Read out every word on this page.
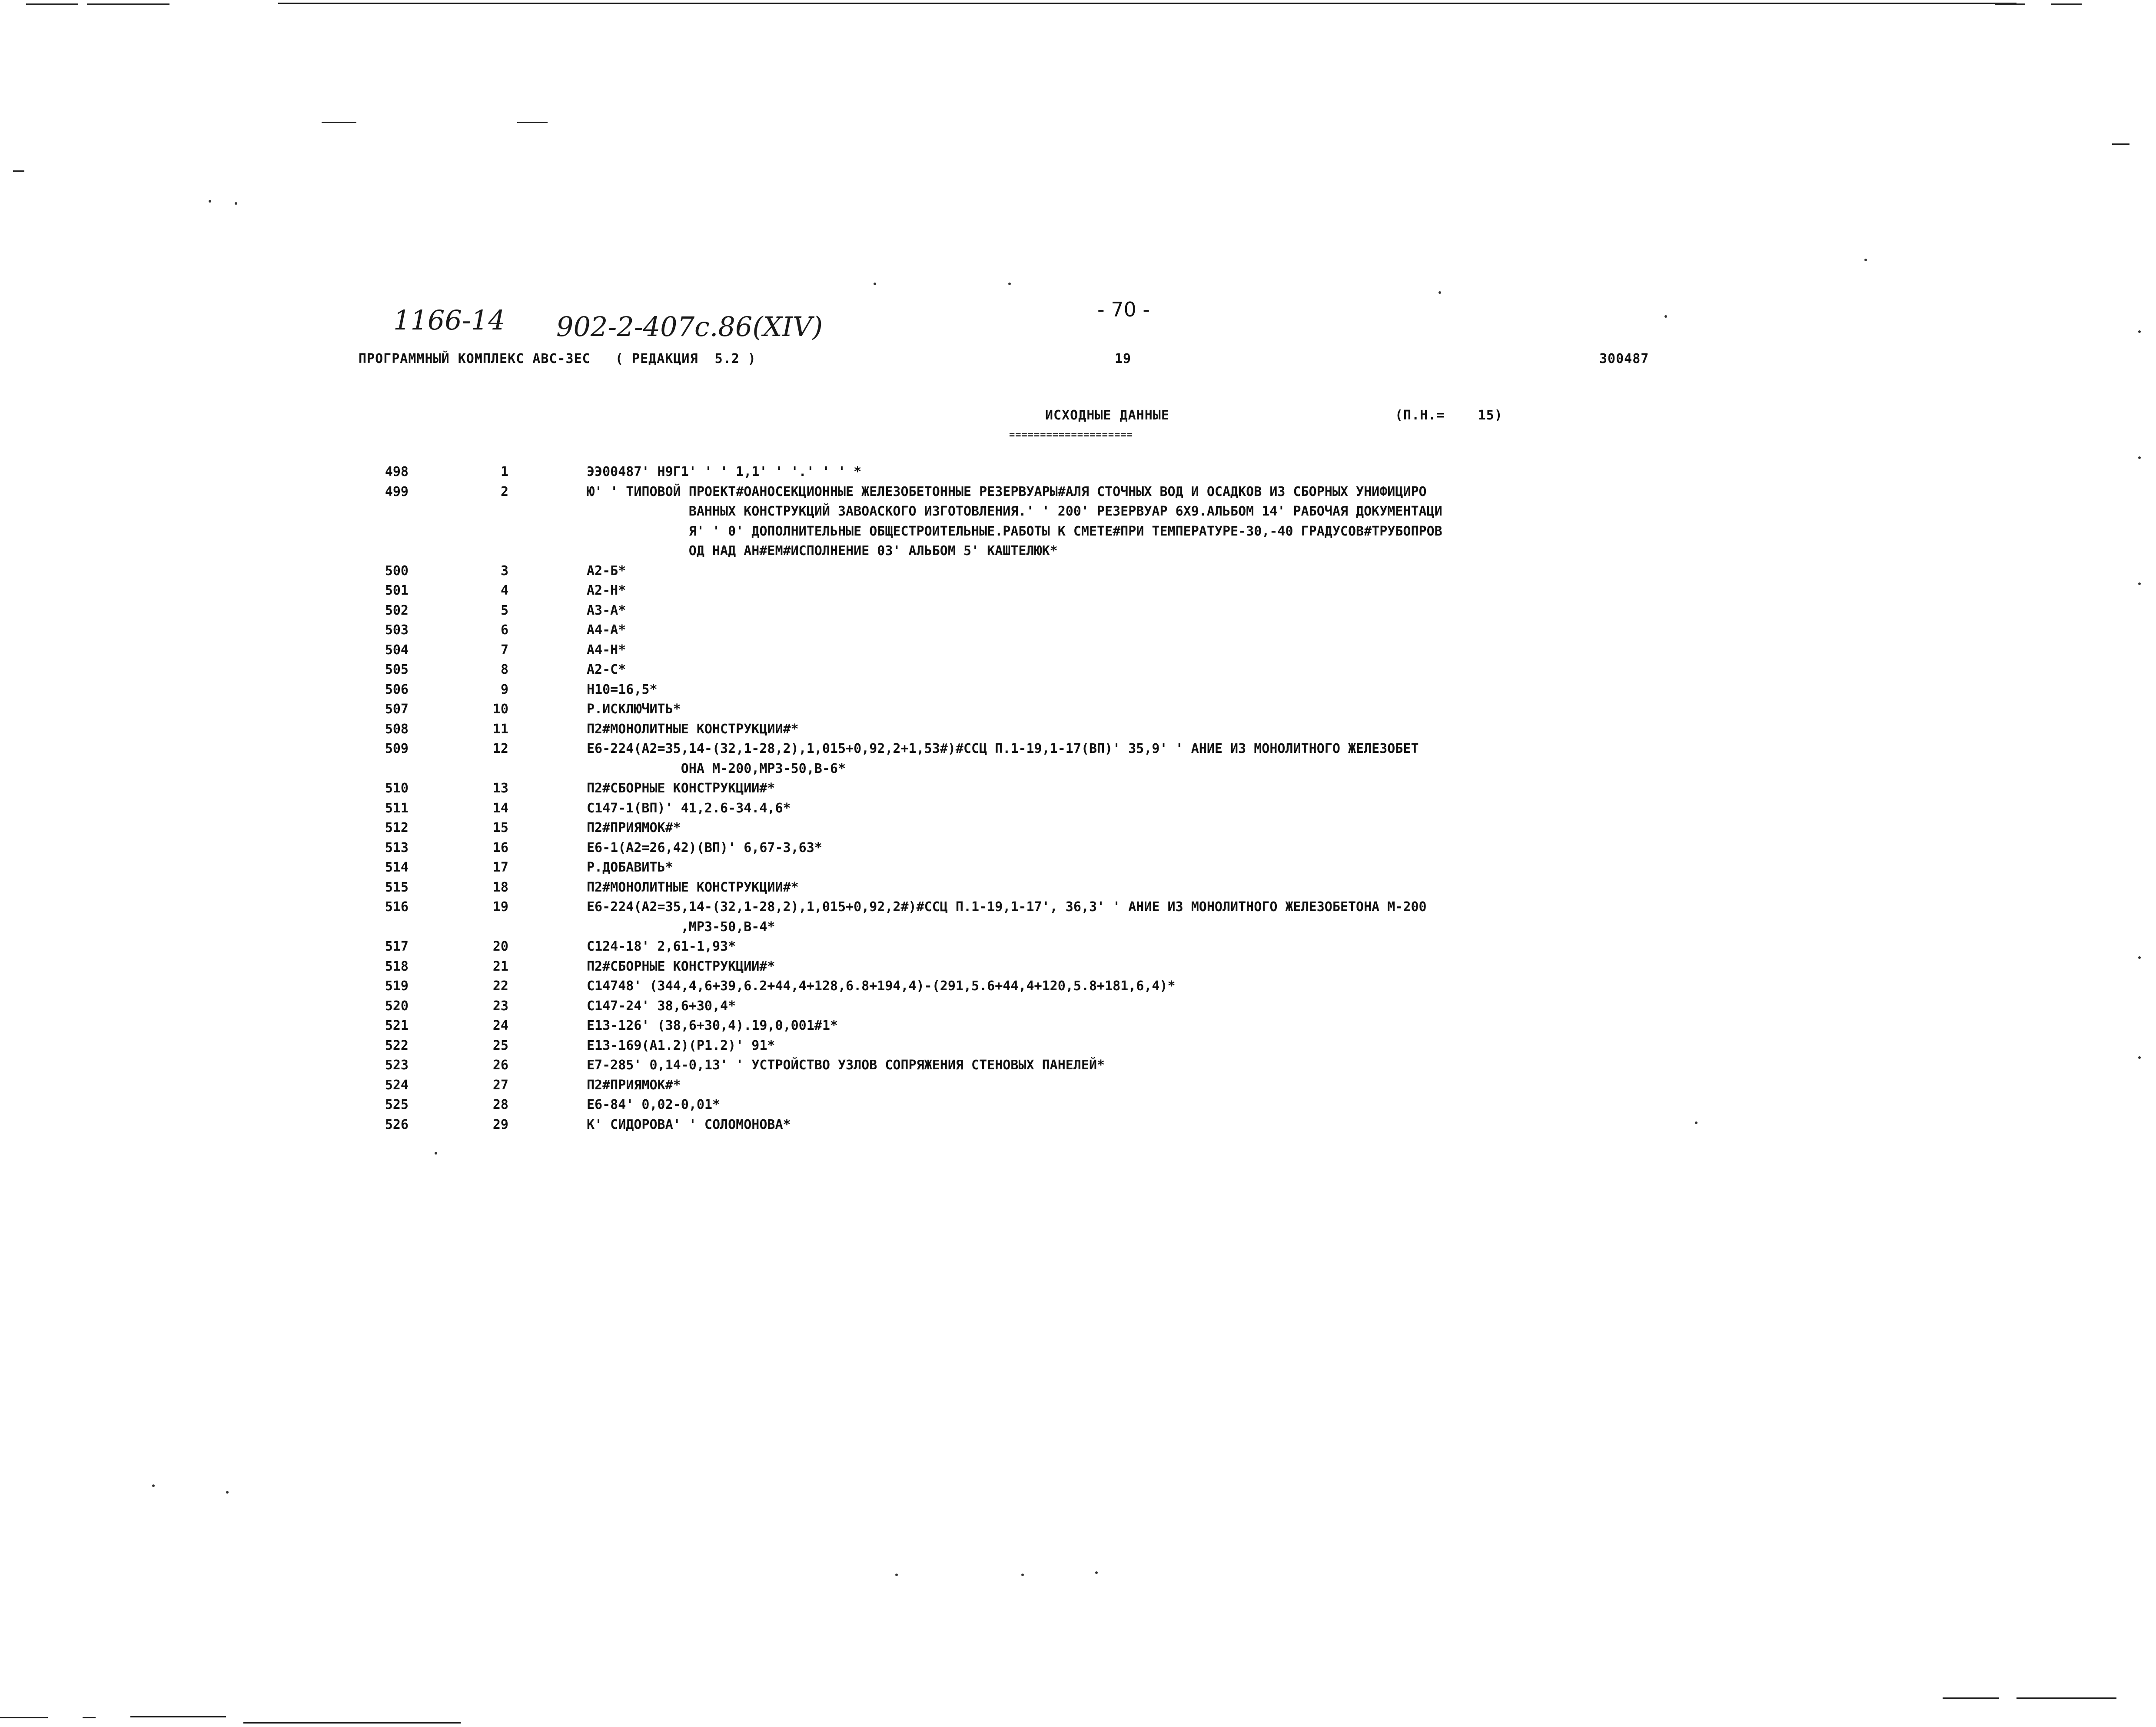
1166-14 902-2-407с.86(XIV)
- 70 -
ПРОГРАММНЫЙ КОМПЛЕКС АВС-ЗЕС   ( РЕДАКЦИЯ  5.2 )	19	300487
ИСХОДНЫЕ ДАННЫЕ
====================
(П.Н.=    15)
498	1	ЭЭ00487' Н9Г1' ' ' 1,1' ' '.' ' ' *
499	2	Ю' ' ТИПОВОЙ ПРОЕКТ#ОАНОСЕКЦИОННЫЕ ЖЕЛЕЗОБЕТОННЫЕ РЕЗЕРВУАРЫ#АЛЯ СТОЧНЫХ ВОД И ОСАДКОВ ИЗ СБОРНЫХ УНИФИЦИРО
ВАННЫХ КОНСТРУКЦИЙ ЗАВОАСКОГО ИЗГОТОВЛЕНИЯ.' ' 200' РЕЗЕРВУАР 6Х9.АЛЬБОМ 14' РАБОЧАЯ ДОКУМЕНТАЦИ
Я' ' 0' ДОПОЛНИТЕЛЬНЫЕ ОБЩЕСТРОИТЕЛЬНЫЕ.РАБОТЫ К СМЕТЕ#ПРИ ТЕМПЕРАТУРЕ-30,-40 ГРАДУСОВ#ТРУБОПРОВ
ОД НАД АН#ЕМ#ИСПОЛНЕНИЕ 03' АЛЬБОМ 5' КАШТЕЛЮК*
500	3	А2-Б*
501	4	А2-Н*
502	5	А3-А*
503	6	А4-А*
504	7	А4-Н*
505	8	А2-С*
506	9	Н10=16,5*
507	10	Р.ИСКЛЮЧИТЬ*
508	11	П2#МОНОЛИТНЫЕ КОНСТРУКЦИИ#*
509	12	Е6-224(А2=35,14-(32,1-28,2),1,015+0,92,2+1,53#)#ССЦ П.1-19,1-17(ВП)' 35,9' ' АНИЕ ИЗ МОНОЛИТНОГО ЖЕЛЕЗОБЕТ
ОНА М-200,МРЗ-50,В-6*
510	13	П2#СБОРНЫЕ КОНСТРУКЦИИ#*
511	14	С147-1(ВП)' 41,2.6-34.4,6*
512	15	П2#ПРИЯМОК#*
513	16	Е6-1(А2=26,42)(ВП)' 6,67-3,63*
514	17	Р.ДОБАВИТЬ*
515	18	П2#МОНОЛИТНЫЕ КОНСТРУКЦИИ#*
516	19	Е6-224(А2=35,14-(32,1-28,2),1,015+0,92,2#)#ССЦ П.1-19,1-17', 36,3' ' АНИЕ ИЗ МОНОЛИТНОГО ЖЕЛЕЗОБЕТОНА М-200
,МРЗ-50,В-4*
517	20	С124-18' 2,61-1,93*
518	21	П2#СБОРНЫЕ КОНСТРУКЦИИ#*
519	22	С14748' (344,4,6+39,6.2+44,4+128,6.8+194,4)-(291,5.6+44,4+120,5.8+181,6,4)*
520	23	С147-24' 38,6+30,4*
521	24	Е13-126' (38,6+30,4).19,0,001#1*
522	25	Е13-169(А1.2)(Р1.2)' 91*
523	26	Е7-285' 0,14-0,13' ' УСТРОЙСТВО УЗЛОВ СОПРЯЖЕНИЯ СТЕНОВЫХ ПАНЕЛЕЙ*
524	27	П2#ПРИЯМОК#*
525	28	Е6-84' 0,02-0,01*
526	29	К' СИДОРОВА' ' СОЛОМОНОВА*
